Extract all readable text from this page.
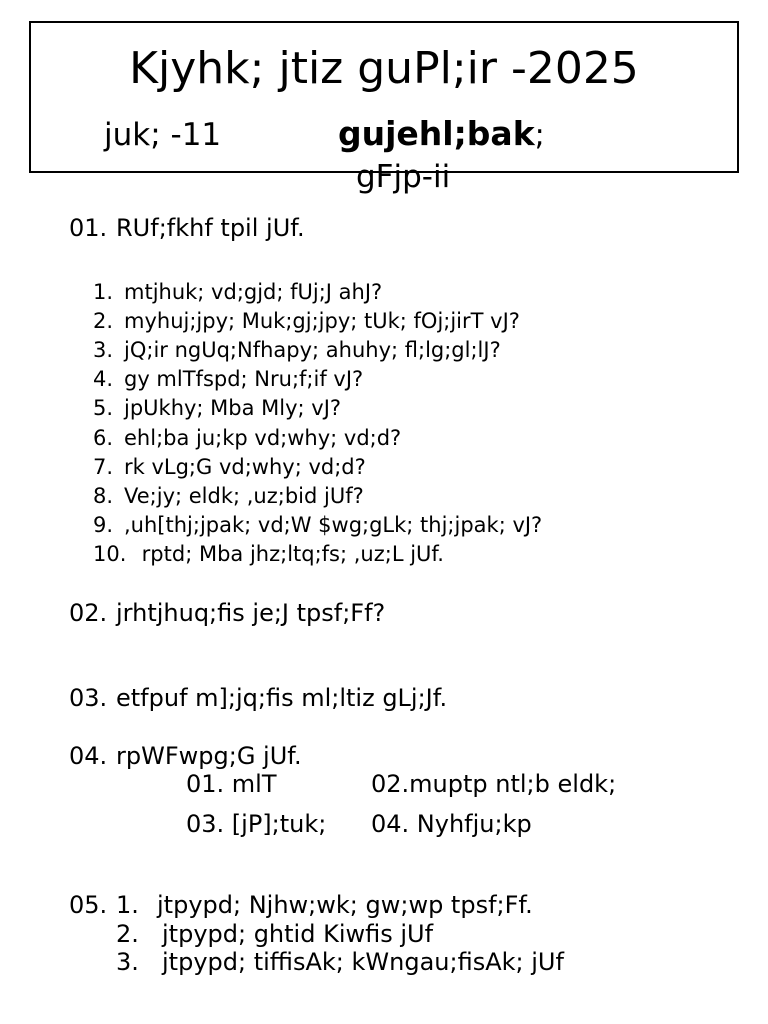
Kjyhk; jtiz guPl;ir -2025
juk; -11	gujehl;bak;
gFjp-ii
01. RUf;fkhf tpil jUf.
1. mtjhuk; vd;gjd; fUj;J ahJ?
2. myhuj;jpy; Muk;gj;jpy; tUk; fOj;jirT vJ?
3. jQ;ir ngUq;Nfhapy; ahuhy; fl;lg;gl;lJ?
4. gy mlTfspd; Nru;f;if vJ?
5. jpUkhy; Mba Mly; vJ?
6. ehl;ba ju;kp vd;why; vd;d?
7. rk vLg;G vd;why; vd;d?
8. Ve;jy; eldk; ,uz;bid jUf?
9. ,uh[thj;jpak; vd;W $wg;gLk; thj;jpak; vJ?
10. rptd; Mba jhz;ltq;fs; ,uz;L jUf.
02. jrhtjhuq;fis je;J tpsf;Ff?
03. etfpuf m];jq;fis ml;ltiz gLj;Jf.
04. rpWFwpg;G jUf.
01. mlT	02.muptp ntl;b eldk;
03. [jP];tuk; 04. Nyhfju;kp
05. 1. jtpypd; Njhw;wk; gw;wp tpsf;Ff.
2. jtpypd; ghtid Kiwfis jUf
3. jtpypd; tiffisAk; kWngau;fisAk; jUf
